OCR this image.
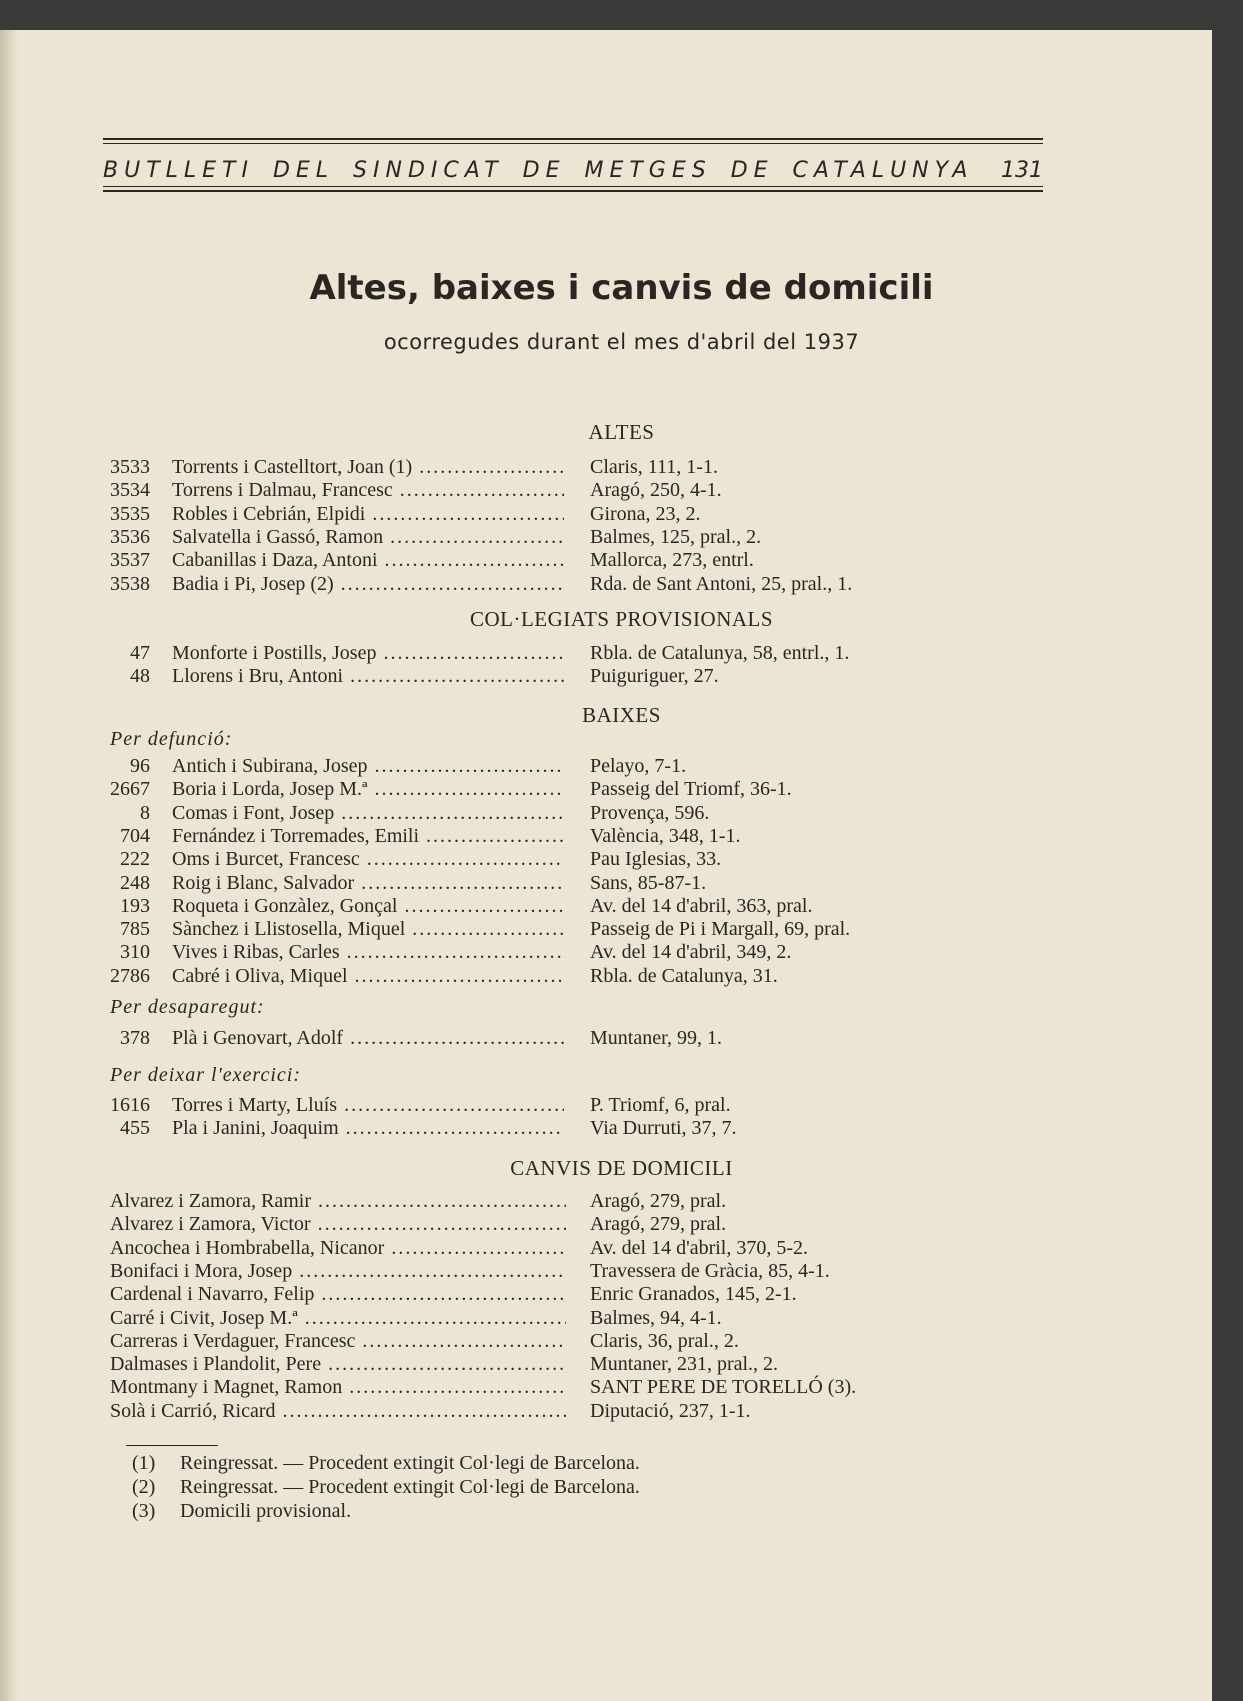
BUTLLETI DEL SINDICAT DE METGES DE CATALUNYA 131
Altes, baixes i canvis de domicili
ocorregudes durant el mes d'abril del 1937
ALTES
3533 Torrents i Castelltort, Joan (1) .....	Claris, 111, 1-1.
3534 Torrens i Dalmau, Francesc .....	Aragó, 250, 4-1.
3535 Robles i Cebrián, Elpidi .....	Girona, 23, 2.
3536 Salvatella i Gassó, Ramon .....	Balmes, 125, pral., 2.
3537 Cabanillas i Daza, Antoni .....	Mallorca, 273, entrl.
3538 Badia i Pi, Josep (2) .....	Rda. de Sant Antoni, 25, pral., 1.
COL·LEGIATS PROVISIONALS
47 Monforte i Postills, Josep .....	Rbla. de Catalunya, 58, entrl., 1.
48 Llorens i Bru, Antoni .....	Puiguriguer, 27.
BAIXES
Per defunció:
96 Antich i Subirana, Josep .....	Pelayo, 7-1.
2667 Boria i Lorda, Josep M.ª .....	Passeig del Triomf, 36-1.
8 Comas i Font, Josep .....	Provença, 596.
704 Fernández i Torremades, Emili .....	València, 348, 1-1.
222 Oms i Burcet, Francesc .....	Pau Iglesias, 33.
248 Roig i Blanc, Salvador .....	Sans, 85-87-1.
193 Roqueta i Gonzàlez, Gonçal .....	Av. del 14 d'abril, 363, pral.
785 Sànchez i Llistosella, Miquel .....	Passeig de Pi i Margall, 69, pral.
310 Vives i Ribas, Carles .....	Av. del 14 d'abril, 349, 2.
2786 Cabré i Oliva, Miquel .....	Rbla. de Catalunya, 31.
Per desaparegut:
378 Plà i Genovart, Adolf .....	Muntaner, 99, 1.
Per deixar l'exercici:
1616 Torres i Marty, Lluís .....	P. Triomf, 6, pral.
455 Pla i Janini, Joaquim .....	Via Durruti, 37, 7.
CANVIS DE DOMICILI
Alvarez i Zamora, Ramir .....	Aragó, 279, pral.
Alvarez i Zamora, Victor .....	Aragó, 279, pral.
Ancochea i Hombrabella, Nicanor .....	Av. del 14 d'abril, 370, 5-2.
Bonifaci i Mora, Josep .....	Travessera de Gràcia, 85, 4-1.
Cardenal i Navarro, Felip .....	Enric Granados, 145, 2-1.
Carré i Civit, Josep M.ª .....	Balmes, 94, 4-1.
Carreras i Verdaguer, Francesc .....	Claris, 36, pral., 2.
Dalmases i Plandolit, Pere .....	Muntaner, 231, pral., 2.
Montmany i Magnet, Ramon .....	SANT PERE DE TORELLÓ (3).
Solà i Carrió, Ricard .....	Diputació, 237, 1-1.
(1) Reingressat. — Procedent extingit Col·legi de Barcelona.
(2) Reingressat. — Procedent extingit Col·legi de Barcelona.
(3) Domicili provisional.
